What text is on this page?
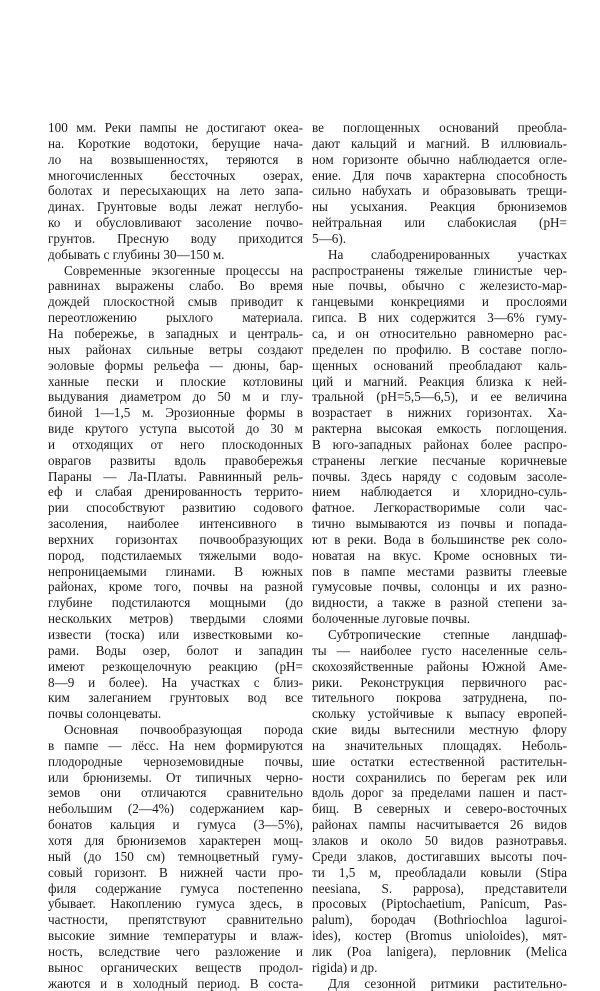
100 мм. Реки пампы не достигают океа-
на. Короткие водотоки, берущие нача-
ло на возвышенностях, теряются в
многочисленных бессточных озерах,
болотах и пересыхающих на лето запа-
динах. Грунтовые воды лежат неглубо-
ко и обусловливают засоление почво-
грунтов. Пресную воду приходится
добывать с глубины 30—150 м.
Современные экзогенные процессы на
равнинах выражены слабо. Во время
дождей плоскостной смыв приводит к
переотложению рыхлого материала.
На побережье, в западных и централь-
ных районах сильные ветры создают
эоловые формы рельефа — дюны, бар-
ханные пески и плоские котловины
выдувания диаметром до 50 м и глу-
биной 1—1,5 м. Эрозионные формы в
виде крутого уступа высотой до 30 м
и отходящих от него плоскодонных
оврагов развиты вдоль правобережья
Параны — Ла-Платы. Равнинный рель-
еф и слабая дренированность террито-
рии способствуют развитию содового
засоления, наиболее интенсивного в
верхних горизонтах почвообразующих
пород, подстилаемых тяжелыми водо-
непроницаемыми глинами. В южных
районах, кроме того, почвы на разной
глубине подстилаются мощными (до
нескольких метров) твердыми слоями
извести (тоска) или известковыми ко-
рами. Воды озер, болот и западин
имеют резкощелочную реакцию (pH=
8—9 и более). На участках с близ-
ким залеганием грунтовых вод все
почвы солонцеваты.
Основная почвообразующая порода
в пампе — лёсс. На нем формируются
плодородные черноземовидные почвы,
или брюниземы. От типичных черно-
земов они отличаются сравнительно
небольшим (2—4%) содержанием кар-
бонатов кальция и гумуса (3—5%),
хотя для брюниземов характерен мощ-
ный (до 150 см) темноцветный гуму-
совый горизонт. В нижней части про-
филя содержание гумуса постепенно
убывает. Накоплению гумуса здесь, в
частности, препятствуют сравнительно
высокие зимние температуры и влаж-
ность, вследствие чего разложение и
вынос органических веществ продол-
жаются и в холодный период. В соста-
ве поглощенных оснований преобла-
дают кальций и магний. В иллювиаль-
ном горизонте обычно наблюдается огле-
ение. Для почв характерна способность
сильно набухать и образовывать трещи-
ны усыхания. Реакция брюниземов
нейтральная или слабокислая (pH=
5—6).
На слабодренированных участках
распространены тяжелые глинистые чер-
ные почвы, обычно с железисто-мар-
ганцевыми конкрециями и прослоями
гипса. В них содержится 3—6% гуму-
са, и он относительно равномерно рас-
пределен по профилю. В составе погло-
щенных оснований преобладают каль-
ций и магний. Реакция близка к ней-
тральной (pH=5,5—6,5), и ее величина
возрастает в нижних горизонтах. Ха-
рактерна высокая емкость поглощения.
В юго-западных районах более распро-
странены легкие песчаные коричневые
почвы. Здесь наряду с содовым засоле-
нием наблюдается и хлоридно-суль-
фатное. Легкорастворимые соли час-
тично вымываются из почвы и попада-
ют в реки. Вода в большинстве рек соло-
новатая на вкус. Кроме основных ти-
пов в пампе местами развиты глеевые
гумусовые почвы, солонцы и их разно-
видности, а также в разной степени за-
болоченные луговые почвы.
Субтропические степные ландшаф-
ты — наиболее густо населенные сель-
скохозяйственные районы Южной Аме-
рики. Реконструкция первичного рас-
тительного покрова затруднена, по-
скольку устойчивые к выпасу европей-
ские виды вытеснили местную флору
на значительных площадях. Неболь-
шие остатки естественной растительн-
ности сохранились по берегам рек или
вдоль дорог за пределами пашен и паст-
бищ. В северных и северо-восточных
районах пампы насчитывается 26 видов
злаков и около 50 видов разнотравья.
Среди злаков, достигавших высоты поч-
ти 1,5 м, преобладали ковыли (Stipa
neesiana, S. papposa), представители
просовых (Piptochaetium, Panicum, Pas-
palum), бородач (Bothriochloa laguroi-
ides), костер (Bromus unioloides), мят-
лик (Poa lanigera), перловник (Melica
rigida) и др.
Для сезонной ритмики растительно-
